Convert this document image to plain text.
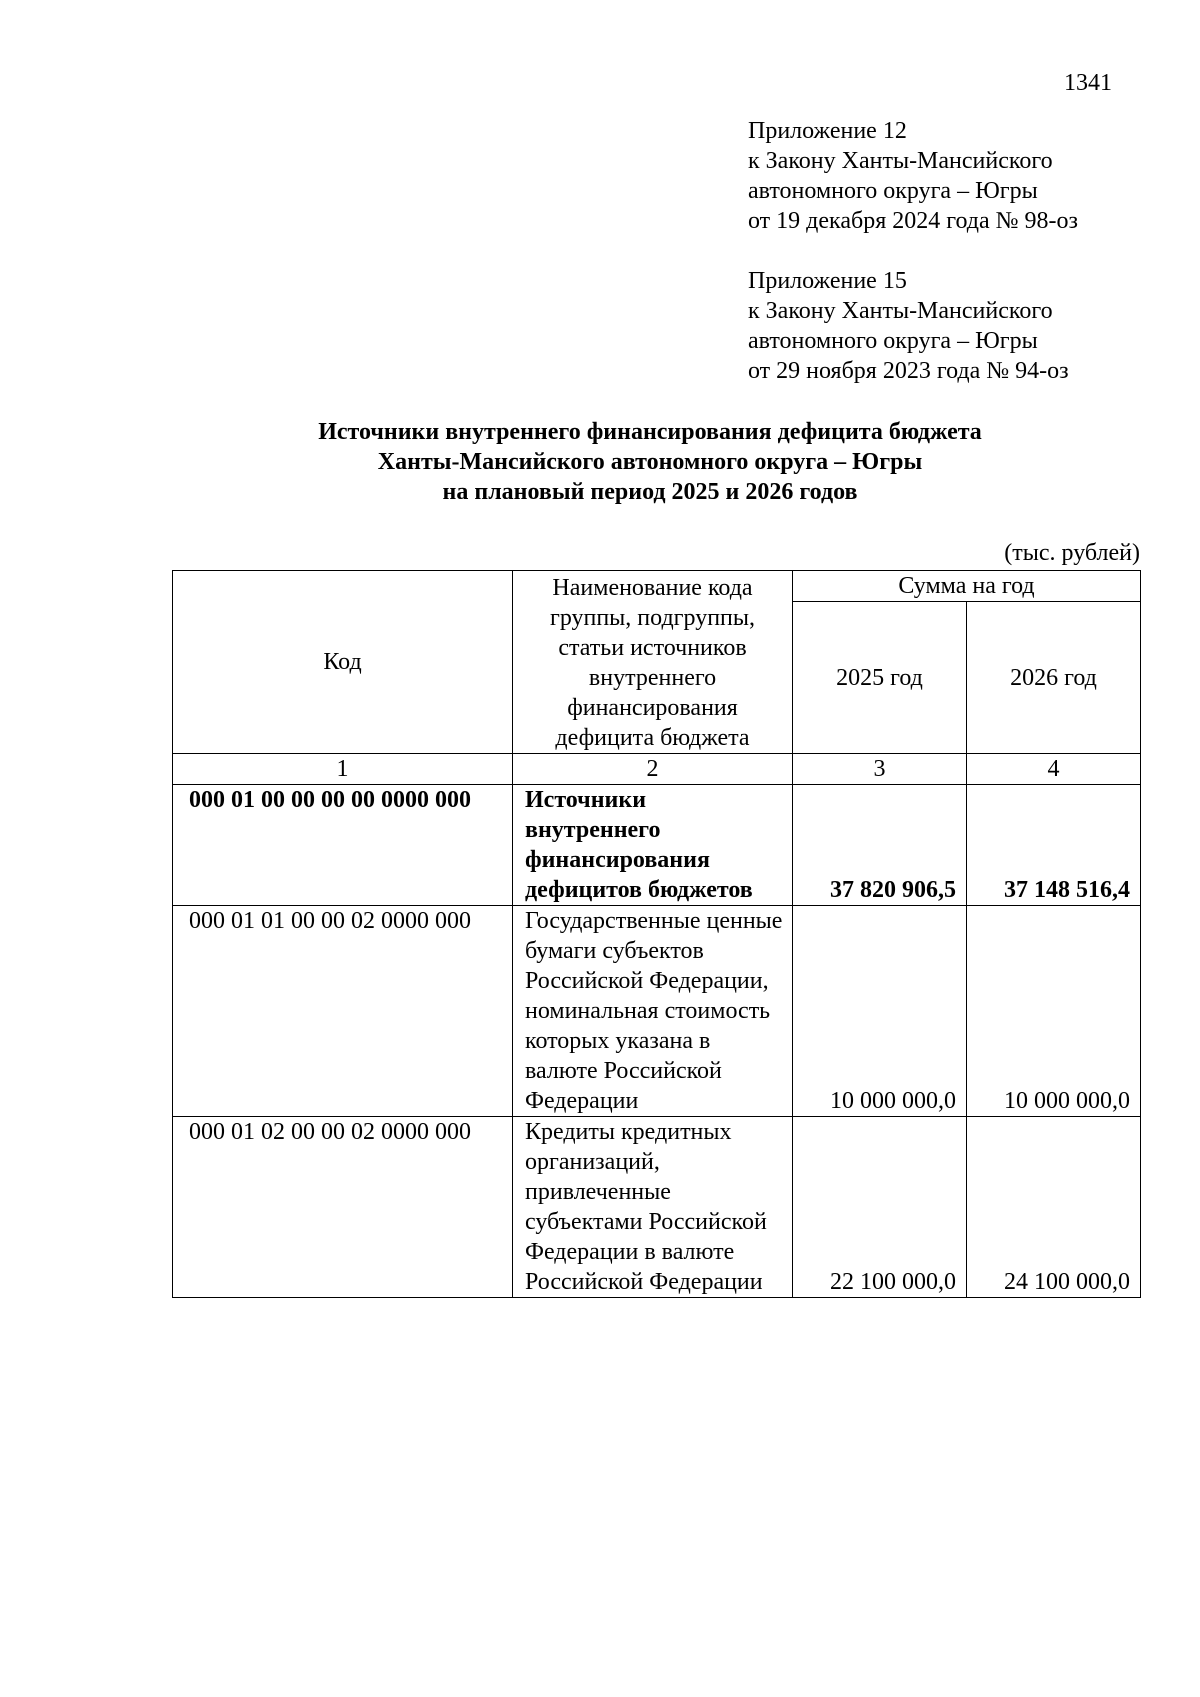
1341
Приложение 12
к Закону Ханты-Мансийского
автономного округа – Югры
от 19 декабря 2024 года № 98-оз
Приложение 15
к Закону Ханты-Мансийского
автономного округа – Югры
от 29 ноября 2023 года № 94-оз
Источники внутреннего финансирования дефицита бюджета
Ханты-Мансийского автономного округа – Югры
на плановый период 2025 и 2026 годов
(тыс. рублей)
Код	Наименование кода группы, подгруппы, статьи источников внутреннего финансирования дефицита бюджета	Сумма на год	
		2025 год	2026 год
1	2	3	4
000 01 00 00 00 00 0000 000	Источники внутреннего финансирования дефицитов бюджетов	37 820 906,5	37 148 516,4
000 01 01 00 00 02 0000 000	Государственные ценные бумаги субъектов Российской Федерации, номинальная стоимость которых указана в валюте Российской Федерации	10 000 000,0	10 000 000,0
000 01 02 00 00 02 0000 000	Кредиты кредитных организаций, привлеченные субъектами Российской Федерации в валюте Российской Федерации	22 100 000,0	24 100 000,0
